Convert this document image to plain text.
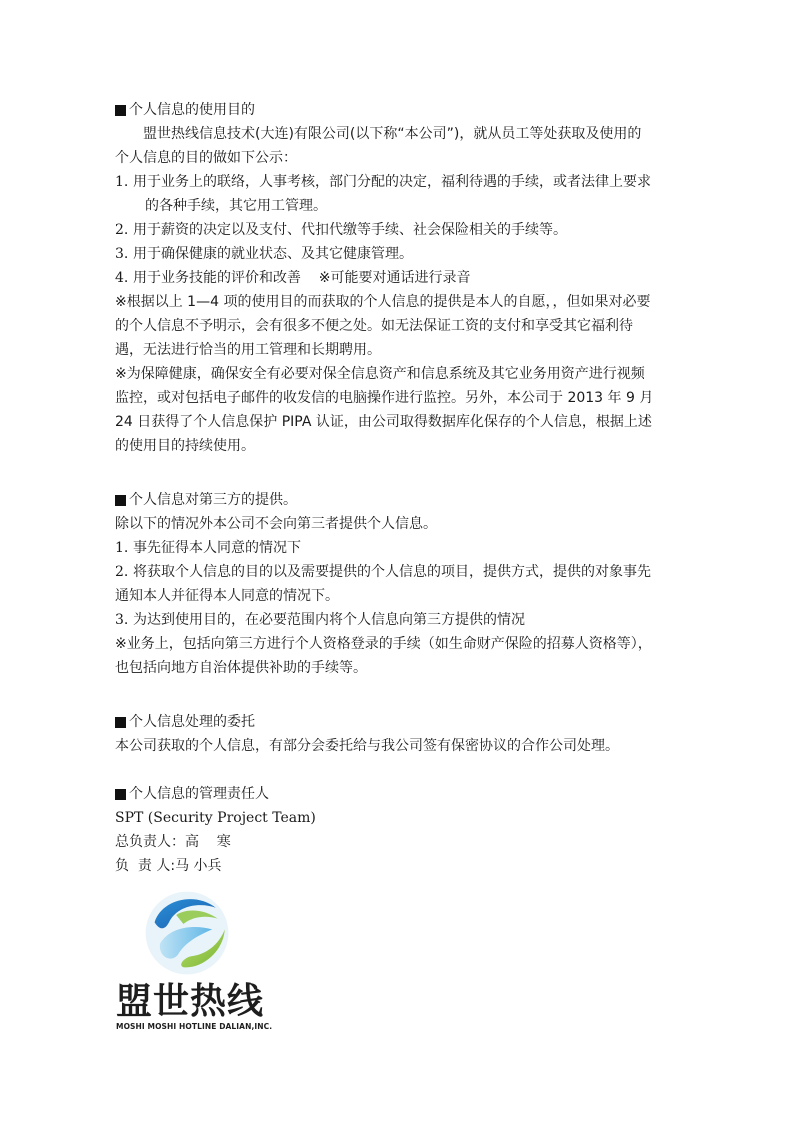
个人信息的使用目的
盟世热线信息技术(大连)有限公司(以下称“本公司”)，就从员工等处获取及使用的
个人信息的目的做如下公示：
1. 用于业务上的联络，人事考核，部门分配的决定，福利待遇的手续，或者法律上要求
的各种手续，其它用工管理。
2. 用于薪资的决定以及支付、代扣代缴等手续、社会保险相关的手续等。
3. 用于确保健康的就业状态、及其它健康管理。
4. 用于业务技能的评价和改善    ※可能要对通话进行录音
※根据以上 1—4 项的使用目的而获取的个人信息的提供是本人的自愿，，但如果对必要
的个人信息不予明示，会有很多不便之处。如无法保证工资的支付和享受其它福利待
遇，无法进行恰当的用工管理和长期聘用。
※为保障健康，确保安全有必要对保全信息资产和信息系统及其它业务用资产进行视频
监控，或对包括电子邮件的收发信的电脑操作进行监控。另外，本公司于 2013 年 9 月
24 日获得了个人信息保护 PIPA 认证，由公司取得数据库化保存的个人信息，根据上述
的使用目的持续使用。
个人信息对第三方的提供。
除以下的情况外本公司不会向第三者提供个人信息。
1. 事先征得本人同意的情况下
2. 将获取个人信息的目的以及需要提供的个人信息的项目，提供方式，提供的对象事先
通知本人并征得本人同意的情况下。
3. 为达到使用目的，在必要范围内将个人信息向第三方提供的情况
※业务上，包括向第三方进行个人资格登录的手续（如生命财产保险的招募人资格等），
也包括向地方自治体提供补助的手续等。
个人信息处理的委托
本公司获取的个人信息，有部分会委托给与我公司签有保密协议的合作公司处理。
个人信息的管理责任人
SPT (Security Project Team)
总负责人：高    寒
负  责 人:马 小兵
盟世热线
MOSHI MOSHI HOTLINE DALIAN,INC.
